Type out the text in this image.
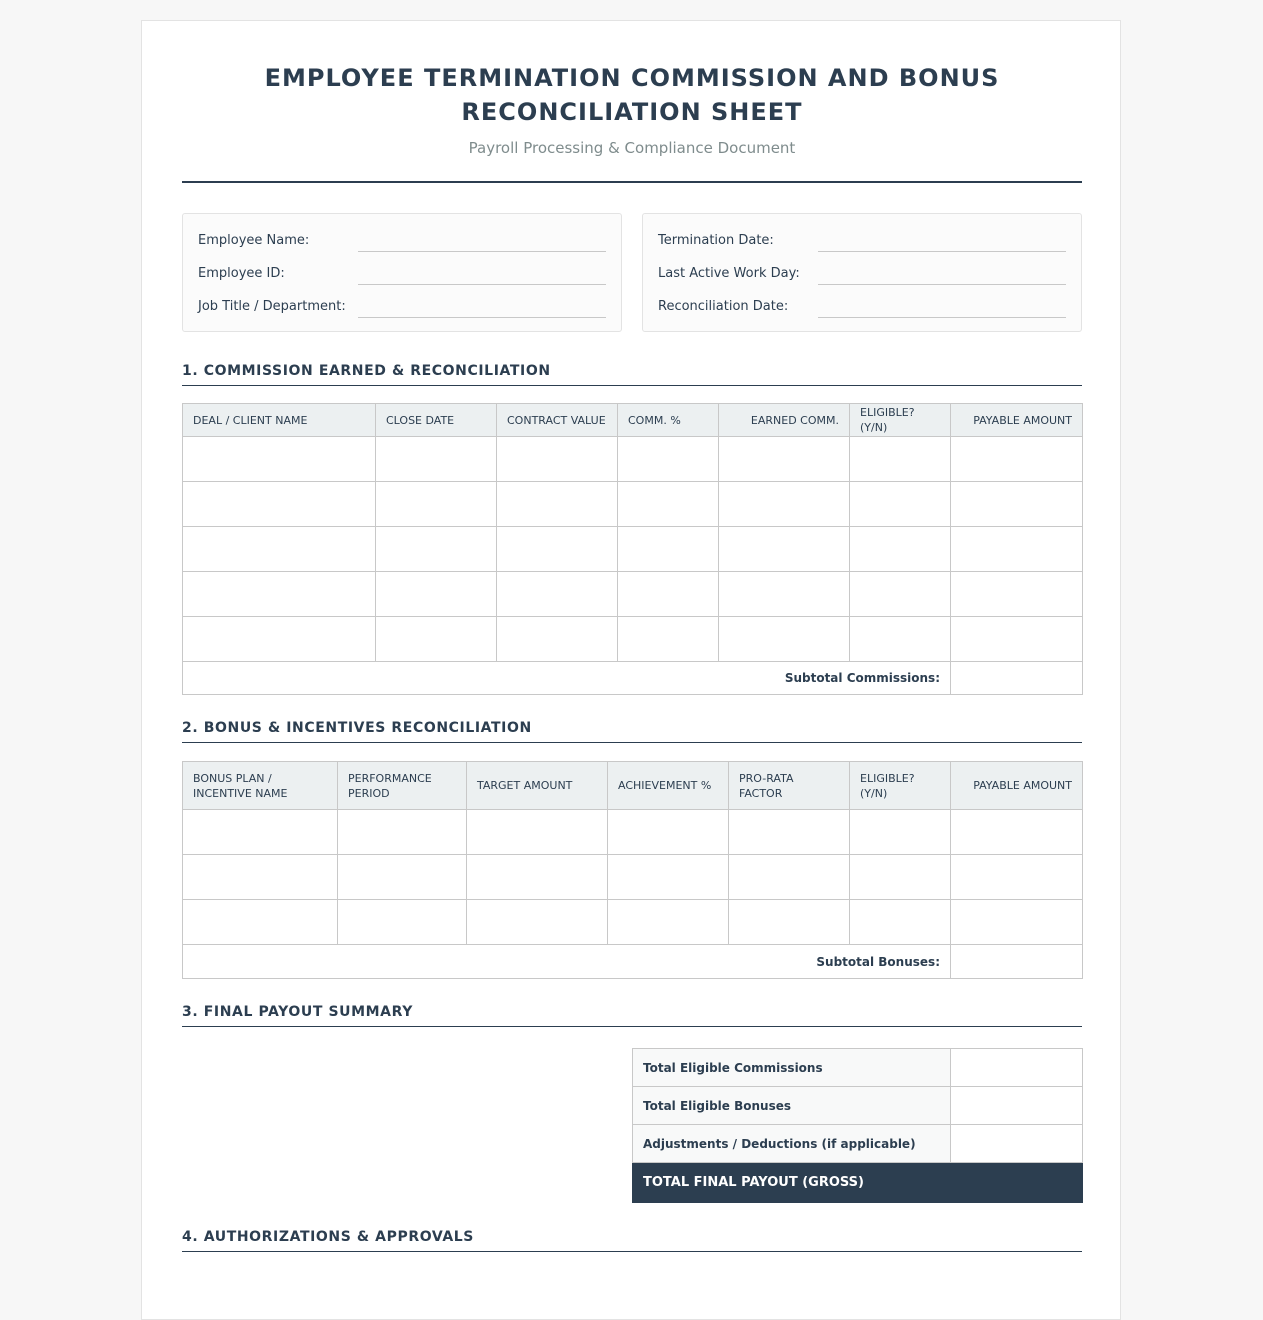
EMPLOYEE TERMINATION COMMISSION AND BONUS RECONCILIATION SHEET
Payroll Processing & Compliance Document
Employee Name:
Employee ID:
Job Title / Department:
Termination Date:
Last Active Work Day:
Reconciliation Date:
1. COMMISSION EARNED & RECONCILIATION
DEAL / CLIENT NAME	CLOSE DATE	CONTRACT VALUE	COMM. %	EARNED COMM.	ELIGIBLE? (Y/N)	PAYABLE AMOUNT

Subtotal Commissions:						
2. BONUS & INCENTIVES RECONCILIATION
BONUS PLAN / INCENTIVE NAME	PERFORMANCE PERIOD	TARGET AMOUNT	ACHIEVEMENT %	PRO-RATA FACTOR	ELIGIBLE? (Y/N)	PAYABLE AMOUNT

Subtotal Bonuses:						
3. FINAL PAYOUT SUMMARY
Total Eligible Commissions	
Total Eligible Bonuses	
Adjustments / Deductions (if applicable)	
TOTAL FINAL PAYOUT (GROSS)	
4. AUTHORIZATIONS & APPROVALS
